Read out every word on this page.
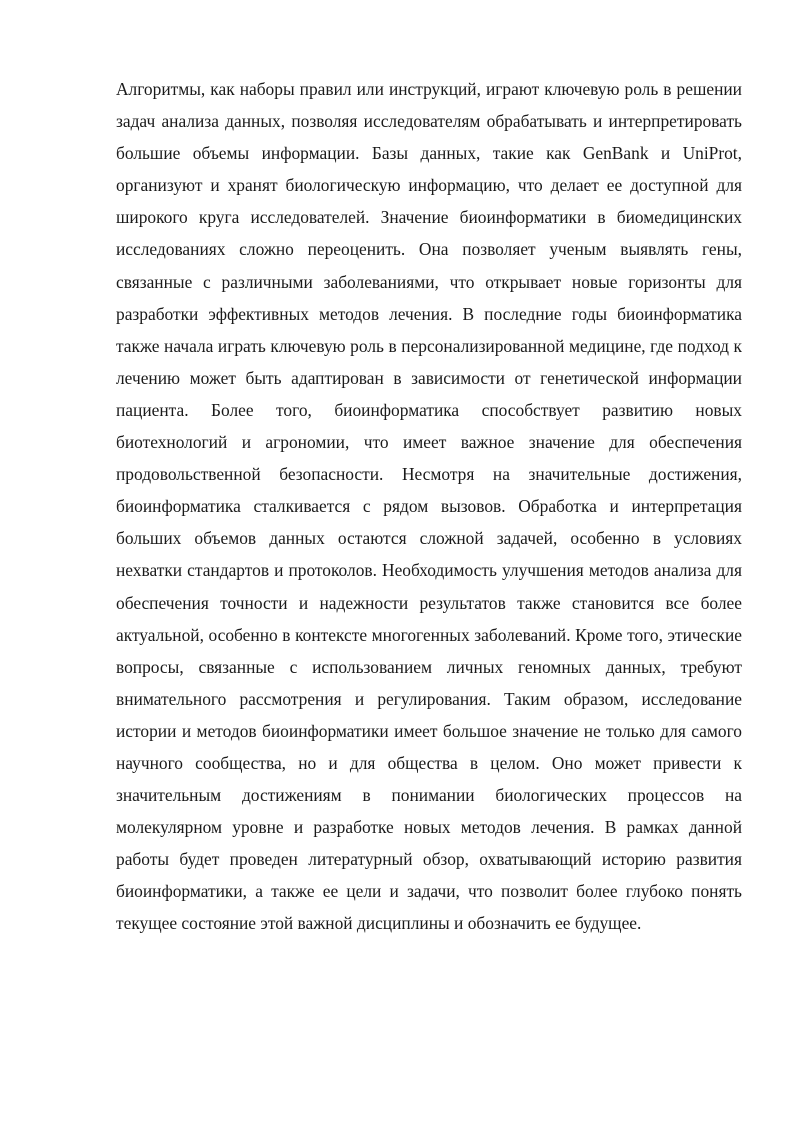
Алгоритмы, как наборы правил или инструкций, играют ключевую роль в решении задач анализа данных, позволяя исследователям обрабатывать и интерпретировать большие объемы информации. Базы данных, такие как GenBank и UniProt, организуют и хранят биологическую информацию, что делает ее доступной для широкого круга исследователей. Значение биоинформатики в биомедицинских исследованиях сложно переоценить. Она позволяет ученым выявлять гены, связанные с различными заболеваниями, что открывает новые горизонты для разработки эффективных методов лечения. В последние годы биоинформатика также начала играть ключевую роль в персонализированной медицине, где подход к лечению может быть адаптирован в зависимости от генетической информации пациента. Более того, биоинформатика способствует развитию новых биотехнологий и агрономии, что имеет важное значение для обеспечения продовольственной безопасности. Несмотря на значительные достижения, биоинформатика сталкивается с рядом вызовов. Обработка и интерпретация больших объемов данных остаются сложной задачей, особенно в условиях нехватки стандартов и протоколов. Необходимость улучшения методов анализа для обеспечения точности и надежности результатов также становится все более актуальной, особенно в контексте многогенных заболеваний. Кроме того, этические вопросы, связанные с использованием личных геномных данных, требуют внимательного рассмотрения и регулирования. Таким образом, исследование истории и методов биоинформатики имеет большое значение не только для самого научного сообщества, но и для общества в целом. Оно может привести к значительным достижениям в понимании биологических процессов на молекулярном уровне и разработке новых методов лечения. В рамках данной работы будет проведен литературный обзор, охватывающий историю развития биоинформатики, а также ее цели и задачи, что позволит более глубоко понять текущее состояние этой важной дисциплины и обозначить ее будущее.
